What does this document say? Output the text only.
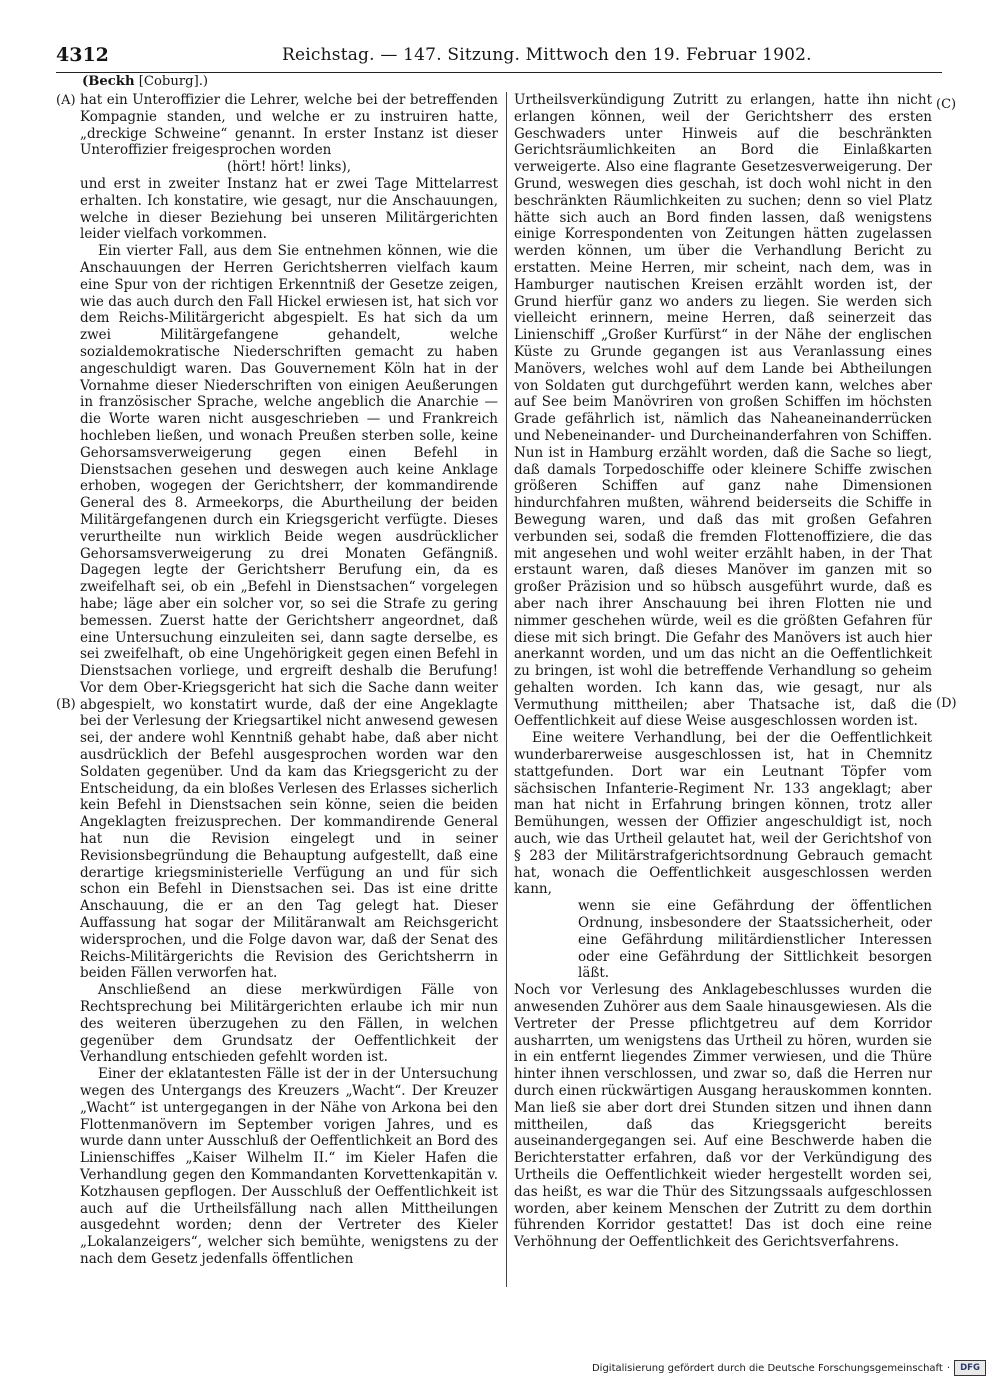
4312	Reichstag. — 147. Sitzung. Mittwoch den 19. Februar 1902.
(Beckh [Coburg].)
(A)
(B)
(C)
(D)

hat ein Unteroffizier die Lehrer, welche bei der betreffenden Kompagnie standen, und welche er zu instruiren hatte, „dreckige Schweine“ genannt. In erster Instanz ist dieser Unteroffizier freigesprochen worden

(hört! hört! links),

und erst in zweiter Instanz hat er zwei Tage Mittelarrest erhalten. Ich konstatire, wie gesagt, nur die Anschauungen, welche in dieser Beziehung bei unseren Militärgerichten leider vielfach vorkommen.

Ein vierter Fall, aus dem Sie entnehmen können, wie die Anschauungen der Herren Gerichtsherren vielfach kaum eine Spur von der richtigen Erkenntniß der Gesetze zeigen, wie das auch durch den Fall Hickel erwiesen ist, hat sich vor dem Reichs-Militärgericht abgespielt. Es hat sich da um zwei Militärgefangene gehandelt, welche sozialdemokratische Niederschriften gemacht zu haben angeschuldigt waren. Das Gouvernement Köln hat in der Vornahme dieser Niederschriften von einigen Aeußerungen in französischer Sprache, welche angeblich die Anarchie — die Worte waren nicht ausgeschrieben — und Frankreich hochleben ließen, und wonach Preußen sterben solle, keine Gehorsamsverweigerung gegen einen Befehl in Dienstsachen gesehen und deswegen auch keine Anklage erhoben, wogegen der Gerichtsherr, der kommandirende General des 8. Armeekorps, die Aburtheilung der beiden Militärgefangenen durch ein Kriegsgericht verfügte. Dieses verurtheilte nun wirklich Beide wegen ausdrücklicher Gehorsamsverweigerung zu drei Monaten Gefängniß. Dagegen legte der Gerichtsherr Berufung ein, da es zweifelhaft sei, ob ein „Befehl in Dienstsachen“ vorgelegen habe; läge aber ein solcher vor, so sei die Strafe zu gering bemessen. Zuerst hatte der Gerichtsherr angeordnet, daß eine Untersuchung einzuleiten sei, dann sagte derselbe, es sei zweifelhaft, ob eine Ungehörigkeit gegen einen Befehl in Dienstsachen vorliege, und ergreift deshalb die Berufung! Vor dem Ober-Kriegsgericht hat sich die Sache dann weiter abgespielt, wo konstatirt wurde, daß der eine Angeklagte bei der Verlesung der Kriegsartikel nicht anwesend gewesen sei, der andere wohl Kenntniß gehabt habe, daß aber nicht ausdrücklich der Befehl ausgesprochen worden war den Soldaten gegenüber. Und da kam das Kriegsgericht zu der Entscheidung, da ein bloßes Verlesen des Erlasses sicherlich kein Befehl in Dienstsachen sein könne, seien die beiden Angeklagten freizusprechen. Der kommandirende General hat nun die Revision eingelegt und in seiner Revisionsbegründung die Behauptung aufgestellt, daß eine derartige kriegsministerielle Verfügung an und für sich schon ein Befehl in Dienstsachen sei. Das ist eine dritte Anschauung, die er an den Tag gelegt hat. Dieser Auffassung hat sogar der Militäranwalt am Reichsgericht widersprochen, und die Folge davon war, daß der Senat des Reichs-Militärgerichts die Revision des Gerichtsherrn in beiden Fällen verworfen hat.

Anschließend an diese merkwürdigen Fälle von Rechtsprechung bei Militärgerichten erlaube ich mir nun des weiteren überzugehen zu den Fällen, in welchen gegenüber dem Grundsatz der Oeffentlichkeit der Verhandlung entschieden gefehlt worden ist.

Einer der eklatantesten Fälle ist der in der Untersuchung wegen des Untergangs des Kreuzers „Wacht“. Der Kreuzer „Wacht“ ist untergegangen in der Nähe von Arkona bei den Flottenmanövern im September vorigen Jahres, und es wurde dann unter Ausschluß der Oeffentlichkeit an Bord des Linienschiffes „Kaiser Wilhelm II.“ im Kieler Hafen die Verhandlung gegen den Kommandanten Korvettenkapitän v. Kotzhausen gepflogen. Der Ausschluß der Oeffentlichkeit ist auch auf die Urtheilsfällung nach allen Mittheilungen ausgedehnt worden; denn der Vertreter des Kieler „Lokalanzeigers“, welcher sich bemühte, wenigstens zu der nach dem Gesetz jedenfalls öffentlichen

Urtheilsverkündigung Zutritt zu erlangen, hatte ihn nicht erlangen können, weil der Gerichtsherr des ersten Geschwaders unter Hinweis auf die beschränkten Gerichtsräumlichkeiten an Bord die Einlaßkarten verweigerte. Also eine flagrante Gesetzesverweigerung. Der Grund, weswegen dies geschah, ist doch wohl nicht in den beschränkten Räumlichkeiten zu suchen; denn so viel Platz hätte sich auch an Bord finden lassen, daß wenigstens einige Korrespondenten von Zeitungen hätten zugelassen werden können, um über die Verhandlung Bericht zu erstatten. Meine Herren, mir scheint, nach dem, was in Hamburger nautischen Kreisen erzählt worden ist, der Grund hierfür ganz wo anders zu liegen. Sie werden sich vielleicht erinnern, meine Herren, daß seinerzeit das Linienschiff „Großer Kurfürst“ in der Nähe der englischen Küste zu Grunde gegangen ist aus Veranlassung eines Manövers, welches wohl auf dem Lande bei Abtheilungen von Soldaten gut durchgeführt werden kann, welches aber auf See beim Manövriren von großen Schiffen im höchsten Grade gefährlich ist, nämlich das Naheaneinanderrücken und Nebeneinander- und Durcheinanderfahren von Schiffen. Nun ist in Hamburg erzählt worden, daß die Sache so liegt, daß damals Torpedoschiffe oder kleinere Schiffe zwischen größeren Schiffen auf ganz nahe Dimensionen hindurchfahren mußten, während beiderseits die Schiffe in Bewegung waren, und daß das mit großen Gefahren verbunden sei, sodaß die fremden Flottenoffiziere, die das mit angesehen und wohl weiter erzählt haben, in der That erstaunt waren, daß dieses Manöver im ganzen mit so großer Präzision und so hübsch ausgeführt wurde, daß es aber nach ihrer Anschauung bei ihren Flotten nie und nimmer geschehen würde, weil es die größten Gefahren für diese mit sich bringt. Die Gefahr des Manövers ist auch hier anerkannt worden, und um das nicht an die Oeffentlichkeit zu bringen, ist wohl die betreffende Verhandlung so geheim gehalten worden. Ich kann das, wie gesagt, nur als Vermuthung mittheilen; aber Thatsache ist, daß die Oeffentlichkeit auf diese Weise ausgeschlossen worden ist.

Eine weitere Verhandlung, bei der die Oeffentlichkeit wunderbarerweise ausgeschlossen ist, hat in Chemnitz stattgefunden. Dort war ein Leutnant Töpfer vom sächsischen Infanterie-Regiment Nr. 133 angeklagt; aber man hat nicht in Erfahrung bringen können, trotz aller Bemühungen, wessen der Offizier angeschuldigt ist, noch auch, wie das Urtheil gelautet hat, weil der Gerichtshof von § 283 der Militärstrafgerichtsordnung Gebrauch gemacht hat, wonach die Oeffentlichkeit ausgeschlossen werden kann,

wenn sie eine Gefährdung der öffentlichen Ordnung, insbesondere der Staatssicherheit, oder eine Gefährdung militärdienstlicher Interessen oder eine Gefährdung der Sittlichkeit besorgen läßt.

Noch vor Verlesung des Anklagebeschlusses wurden die anwesenden Zuhörer aus dem Saale hinausgewiesen. Als die Vertreter der Presse pflichtgetreu auf dem Korridor ausharrten, um wenigstens das Urtheil zu hören, wurden sie in ein entfernt liegendes Zimmer verwiesen, und die Thüre hinter ihnen verschlossen, und zwar so, daß die Herren nur durch einen rückwärtigen Ausgang herauskommen konnten. Man ließ sie aber dort drei Stunden sitzen und ihnen dann mittheilen, daß das Kriegsgericht bereits auseinandergegangen sei. Auf eine Beschwerde haben die Berichterstatter erfahren, daß vor der Verkündigung des Urtheils die Oeffentlichkeit wieder hergestellt worden sei, das heißt, es war die Thür des Sitzungssaals aufgeschlossen worden, aber keinem Menschen der Zutritt zu dem dorthin führenden Korridor gestattet! Das ist doch eine reine Verhöhnung der Oeffentlichkeit des Gerichtsverfahrens.

Digitalisierung gefördert durch die Deutsche Forschungsgemeinschaft ·	DFG
